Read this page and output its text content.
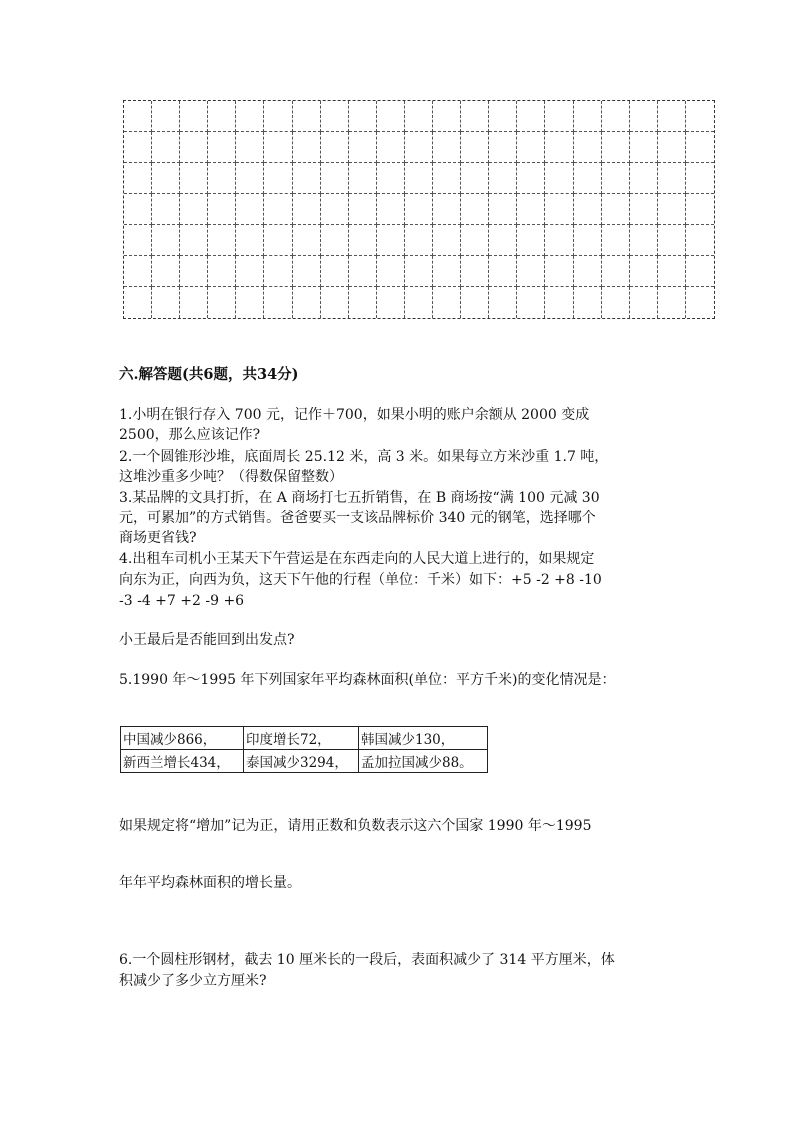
六.解答题(共6题，共34分)
1.小明在银行存入 700 元，记作＋700，如果小明的账户余额从 2000 变成
2500，那么应该记作?
2.一个圆锥形沙堆，底面周长 25.12 米，高 3 米。如果每立方米沙重 1.7 吨，
这堆沙重多少吨？（得数保留整数）
3.某品牌的文具打折，在 A 商场打七五折销售，在 B 商场按“满 100 元减 30
元，可累加”的方式销售。爸爸要买一支该品牌标价 340 元的钢笔，选择哪个
商场更省钱?
4.出租车司机小王某天下午营运是在东西走向的人民大道上进行的，如果规定
向东为正，向西为负，这天下午他的行程（单位：千米）如下：+5 -2 +8 -10
-3 -4 +7 +2 -9 +6
小王最后是否能回到出发点?
5.1990 年～1995 年下列国家年平均森林面积(单位：平方千米)的变化情况是：
中国减少866，	印度增长72，	韩国减少130，
新西兰增长434，	泰国减少3294，	孟加拉国减少88。
如果规定将“增加”记为正，请用正数和负数表示这六个国家 1990 年～1995
年年平均森林面积的增长量。
6.一个圆柱形钢材，截去 10 厘米长的一段后，表面积减少了 314 平方厘米，体
积减少了多少立方厘米?
